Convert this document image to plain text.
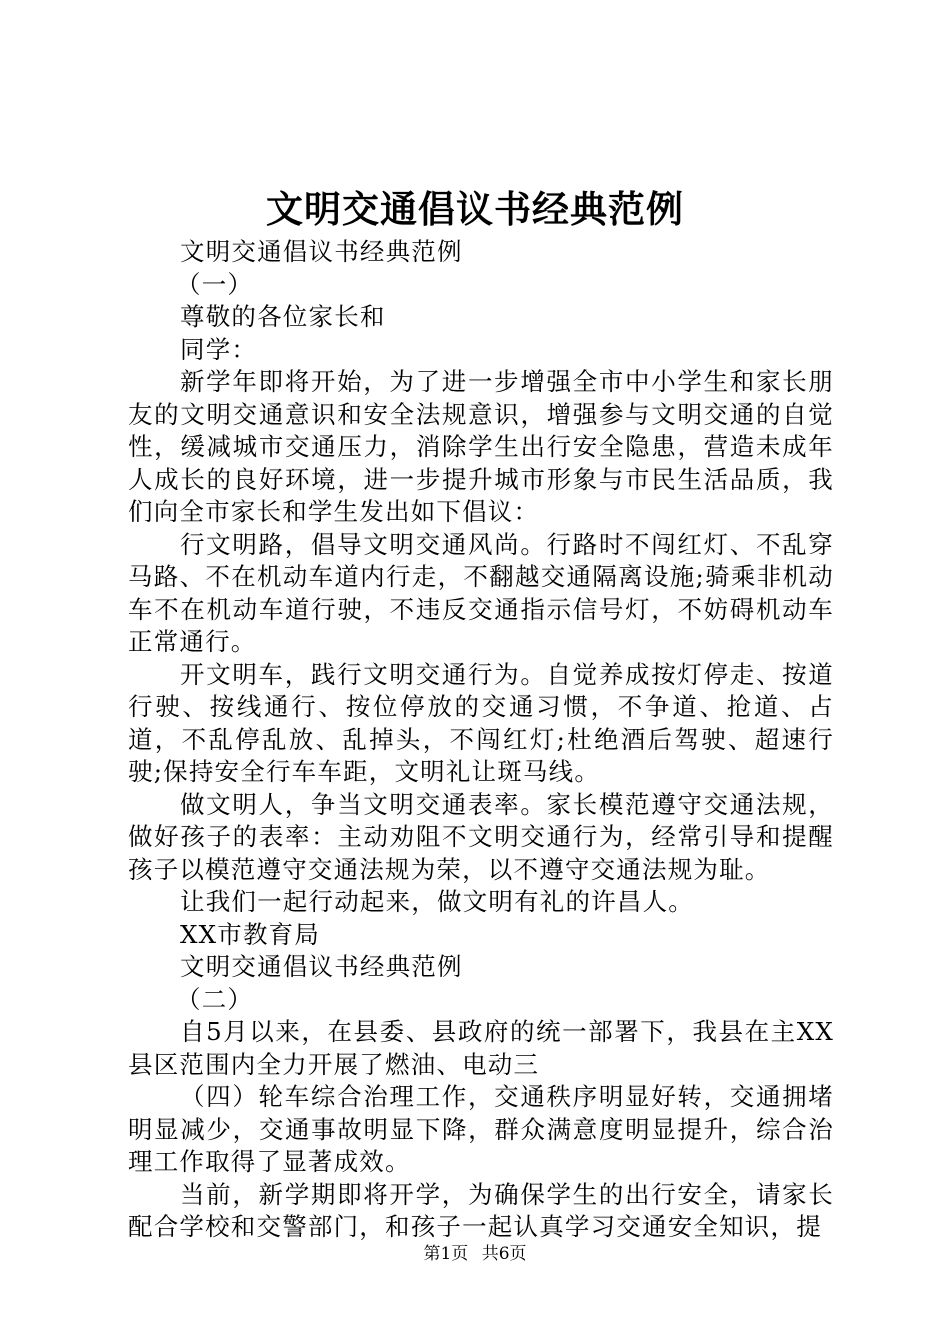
文明交通倡议书经典范例

文明交通倡议书经典范例

（一）

尊敬的各位家长和

同学：

新学年即将开始，为了进一步增强全市中小学生和家长朋友的文明交通意识和安全法规意识，增强参与文明交通的自觉性，缓减城市交通压力，消除学生出行安全隐患，营造未成年人成长的良好环境，进一步提升城市形象与市民生活品质，我们向全市家长和学生发出如下倡议：

行文明路，倡导文明交通风尚。行路时不闯红灯、不乱穿马路、不在机动车道内行走，不翻越交通隔离设施;骑乘非机动车不在机动车道行驶，不违反交通指示信号灯，不妨碍机动车正常通行。

开文明车，践行文明交通行为。自觉养成按灯停走、按道行驶、按线通行、按位停放的交通习惯，不争道、抢道、占道，不乱停乱放、乱掉头，不闯红灯;杜绝酒后驾驶、超速行驶;保持安全行车车距，文明礼让斑马线。

做文明人，争当文明交通表率。家长模范遵守交通法规，做好孩子的表率：主动劝阻不文明交通行为，经常引导和提醒孩子以模范遵守交通法规为荣，以不遵守交通法规为耻。

让我们一起行动起来，做文明有礼的许昌人。

XX市教育局

文明交通倡议书经典范例

（二）

自5月以来，在县委、县政府的统一部署下，我县在主XX县区范围内全力开展了燃油、电动三

（四）轮车综合治理工作，交通秩序明显好转，交通拥堵明显减少，交通事故明显下降，群众满意度明显提升，综合治理工作取得了显著成效。

当前，新学期即将开学，为确保学生的出行安全，请家长配合学校和交警部门，和孩子一起认真学习交通安全知识，提

第1页 共6页
